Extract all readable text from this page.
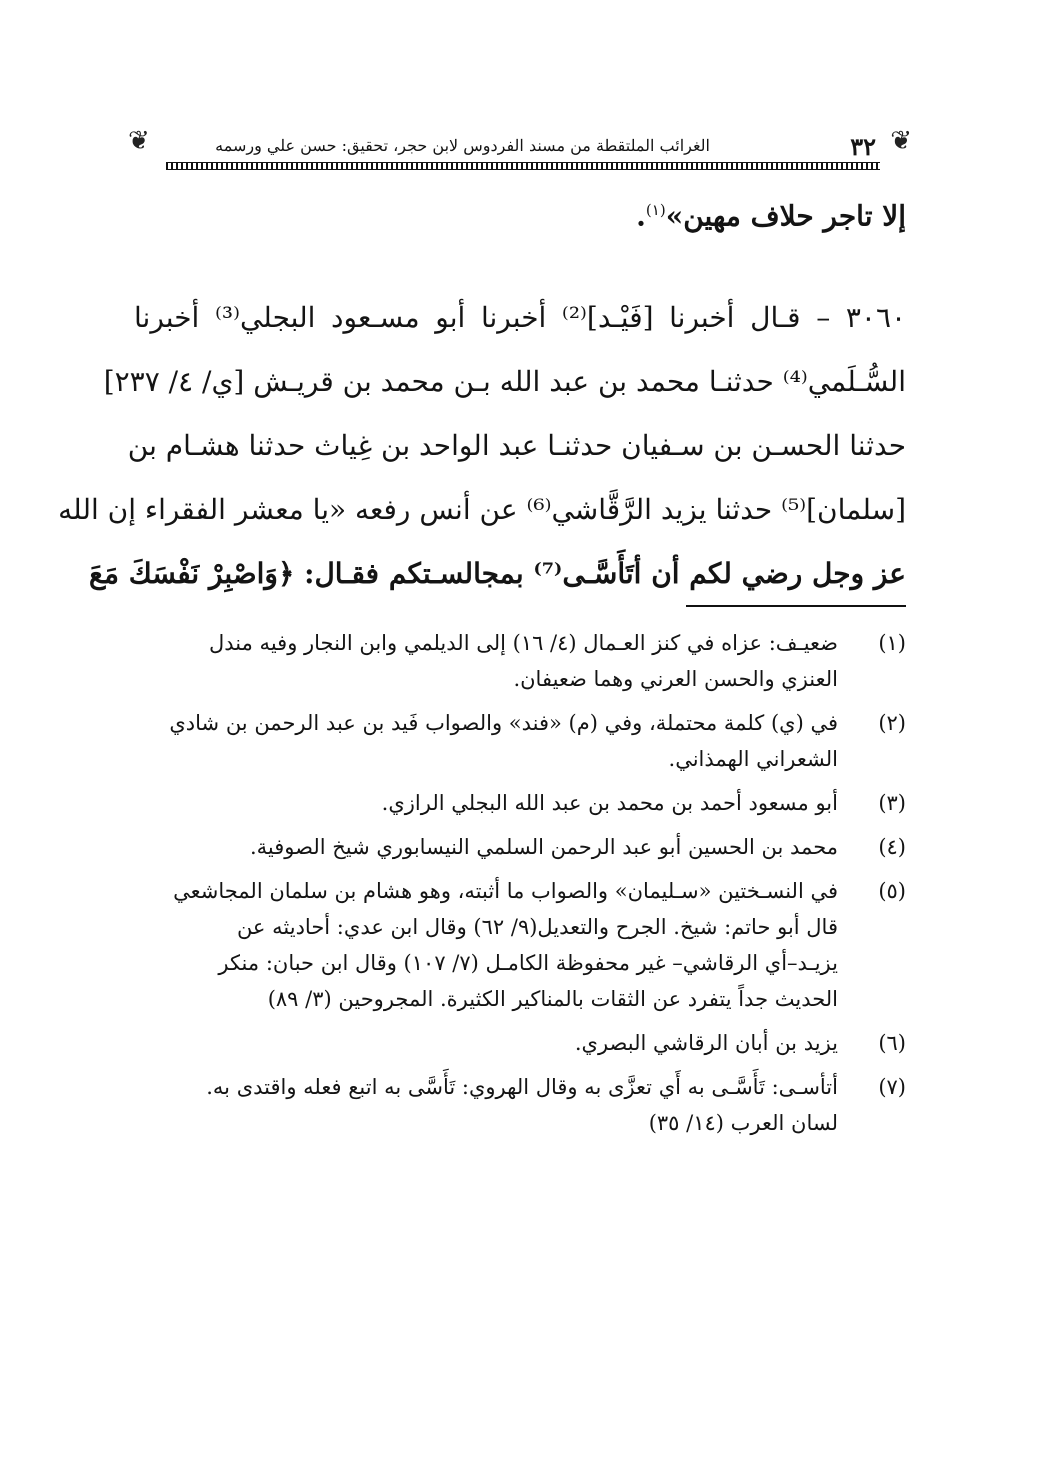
❦
٣٢
الغرائب الملتقطة من مسند الفردوس لابن حجر، تحقيق: حسن علي ورسمه
❦
إلا تاجر حلاف مهين»$^{(١)}$.
٣٠٦٠ – قـال أخبرنا [فَيْـد]⁽²⁾ أخبرنا أبو مسـعود البجلي⁽³⁾ أخبرنا
السُّـلَمي⁽⁴⁾ حدثنـا محمد بن عبد الله بـن محمد بن قريـش [ي/ ٤/ ٢٣٧]
حدثنا الحسـن بن سـفيان حدثنـا عبد الواحد بن غِياث حدثنا هشـام بن
[سلمان]⁽⁵⁾ حدثنا يزيد الرَّقَّاشي⁽⁶⁾ عن أنس رفعه «يا معشر الفقراء إن الله
عز وجل رضي لكم أن أتَأَسَّـى⁽⁷⁾ بمجالسـتكم فقـال: ﴿وَاصْبِرْ نَفْسَكَ مَعَ
(١)
ضعيـف: عزاه في كنز العـمال (٤/ ١٦) إلى الديلمي وابن النجار وفيه مندل
العنزي والحسن العرني وهما ضعيفان.
(٢)
في (ي) كلمة محتملة، وفي (م) «فند» والصواب فَيد بن عبد الرحمن بن شادي
الشعراني الهمذاني.
(٣)
أبو مسعود أحمد بن محمد بن عبد الله البجلي الرازي.
(٤)
محمد بن الحسين أبو عبد الرحمن السلمي النيسابوري شيخ الصوفية.
(٥)
في النسـختين «سـليمان» والصواب ما أثبته، وهو هشام بن سلمان المجاشعي
قال أبو حاتم: شيخ. الجرح والتعديل(٩/ ٦٢) وقال ابن عدي: أحاديثه عن
يزيـد–أي الرقاشي– غير محفوظة الكامـل (٧/ ١٠٧) وقال ابن حبان: منكر
الحديث جداً يتفرد عن الثقات بالمناكير الكثيرة. المجروحين (٣/ ٨٩)
(٦)
يزيد بن أبان الرقاشي البصري.
(٧)
أتأسـى: تَأَسَّـى به أَي تعزَّى به وقال الهروي: تَأَسَّى به اتبع فعله واقتدى به.
لسان العرب (١٤/ ٣٥)
